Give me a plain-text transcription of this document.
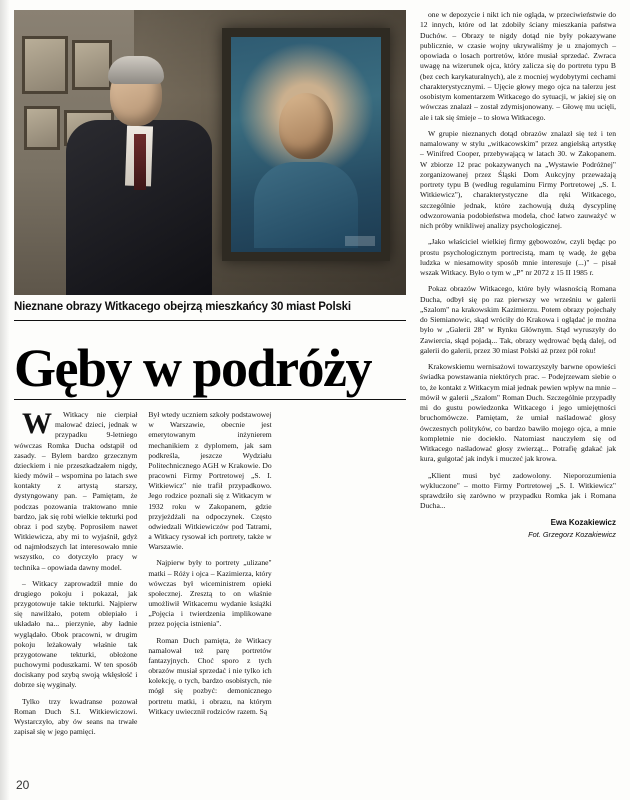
Nieznane obrazy Witkacego obejrzą mieszkańcy 30 miast Polski
Gęby w podróży

W	Witkacy nie cierpiał malować dzieci, jednak w przypadku 9-letniego wówczas Romka Ducha odstąpił od zasady. – Bylem bardzo grzecznym dzieckiem i nie przeszkadzałem nigdy, kiedy mówił – wspomina po latach swe kontakty z artystą starszy, dystyngowany pan. – Pamiętam, że podczas pozowania traktowano mnie bardzo, jak się robi wielkie tekturki pod obraz i pod szybę. Poprosiłem nawet Witkiewicza, aby mi to wyjaśnił, gdyż od najmłodszych lat interesowało mnie wszystko, co dotyczyło pracy w technika – opowiada dawny model.

– Witkacy zaprowadził mnie do drugiego pokoju i pokazał, jak przygotowuje takie tekturki. Najpierw się nawilżało, potem oblepiało i układało na... pierzynie, aby ładnie wyglądało. Obok pracowni, w drugim pokoju leżakowały właśnie tak przygotowane tekturki, obłożone puchowymi poduszkami. W ten sposób dociskany pod szybą swoją wkłęsłość i dobrze się wyginały.

Tylko trzy kwadranse pozował Roman Duch S.I. Witkiewiczowi. Wystarczyło, aby ów seans na trwałe zapisał się w jego pamięci.

Był wtedy uczniem szkoły podstawowej w Warszawie, obecnie jest emerytowanym inżynierem mechanikiem z dyplomem, jak sam podkreśla, jeszcze Wydziału Politechnicznego AGH w Krakowie. Do pracowni Firmy Portretowej „S. I. Witkiewicz" nie trafił przypadkowo. Jego rodzice poznali się z Witkacym w 1932 roku w Zakopanem, gdzie przyjeżdżali na odpoczynek. Często odwiedzali Witkiewiczów pod Tatrami, a Witkacy rysował ich portrety, także w Warszawie.

Najpierw były to portrety „ulizane" matki – Róży i ojca – Kazimierza, który wówczas był wiceministrem opieki społecznej. Zresztą to on właśnie umożliwił Witkacemu wydanie książki „Pojęcia i twierdzenia implikowane przez pojęcia istnienia".

Roman Duch pamięta, że Witkacy namalował też parę portretów fantazyjnych. Choć sporo z tych obrazów musiał sprzedać i nie tylko ich kolekcję, o tych, bardzo osobistych, nie mógł się pozbyć: demonicznego portretu matki, i obrazu, na którym Witkacy uwiecznił rodziców razem. Są

one w depozycie i nikt ich nie ogląda, w przeciwieństwie do 12 innych, które od lat zdobiły ściany mieszkania państwa Duchów. – Obrazy te nigdy dotąd nie były pokazywane publicznie, w czasie wojny ukrywaliśmy je u znajomych – opowiada o losach portretów, które musiał sprzedać. Zwraca uwagę na wizerunek ojca, który zalicza się do portretu typu B (bez cech karykaturalnych), ale z mocniej wydobytymi cechami charakterystycznymi. – Ujęcie głowy mego ojca na talerzu jest osobistym komentarzem Witkacego do sytuacji, w jakiej się on wówczas znalazł – został zdymisjonowany. – Głowę mu ucięli, ale i tak się śmieje – to słowa Witkacego.

W grupie nieznanych dotąd obrazów znalazł się też i ten namalowany w stylu „witkacowskim" przez angielską artystkę – Winifred Cooper, przebywającą w latach 30. w Zakopanem. W zbiorze 12 prac pokazywanych na „Wystawie Podróżnej" zorganizowanej przez Śląski Dom Aukcyjny przeważają portrety typu B (według regulaminu Firmy Portretowej „S. I. Witkiewicz"), charakterystyczne dla ręki Witkacego, szczególnie jednak, które zachowują dużą dyscyplinę odwzorowania podobieństwa modela, choć łatwo zauważyć w nich próby wnikliwej analizy psychologicznej.

„Jako właściciel wielkiej firmy gębowozów, czyli będąc po prostu psychologicznym portrecistą, mam tę wadę, że gęba ludzka w niesamowity sposób mnie interesuje (...)" – pisał wszak Witkacy. Było o tym w „P" nr 2072 z 15 II 1985 r.

Pokaz obrazów Witkacego, które były własnością Romana Ducha, odbył się po raz pierwszy we wrześniu w galerii „Szalom" na krakowskim Kazimierzu. Potem obrazy pojechały do Siemianowic, skąd wróciły do Krakowa i oglądać je można było w „Galerii 28" w Rynku Głównym. Stąd wyruszyły do Zawiercia, skąd pojadą... Tak, obrazy wędrować będą dalej, od galerii do galerii, przez 30 miast Polski aż przez pół roku!

Krakowskiemu wernisażowi towarzyszyły barwne opowieści świadka powstawania niektórych prac. – Podejrzewam siebie o to, że kontakt z Witkacym miał jednak pewien wpływ na mnie – mówił w galerii „Szalom" Roman Duch. Szczególnie przypadły mi do gustu powiedzonka Witkacego i jego umiejętności bruchomówcze. Pamiętam, że umiał naśladować głosy ówczesnych polityków, co bardzo bawiło mojego ojca, a mnie kompletnie nie dociekło. Natomiast nauczyłem się od Witkacego naśladować głosy zwierząt... Potrafię gdakać jak kura, gulgotać jak indyk i muczeć jak krowa.

„Klient musi być zadowolony. Nieporozumienia wykluczone" – motto Firmy Portretowej „S. I. Witkiewicz" sprawdziło się zarówno w przypadku Romka jak i Romana Ducha...

Ewa Kozakiewicz
Fot. Grzegorz Kozakiewicz
20
